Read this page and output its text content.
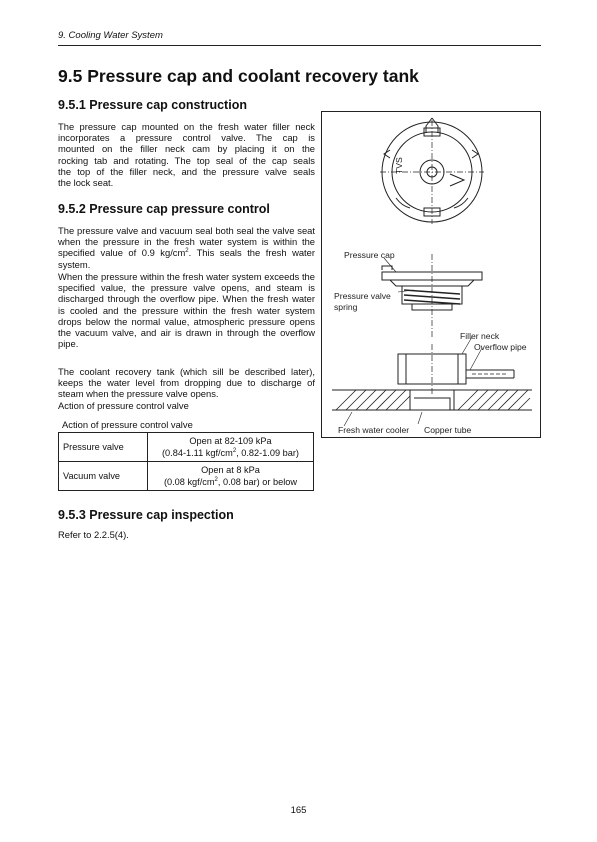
9. Cooling Water System
9.5 Pressure cap and coolant recovery tank
9.5.1 Pressure cap construction
The pressure cap mounted on the fresh water filler neck
incorporates a pressure control valve. The cap is
mounted on the filler neck cam by placing it on the
rocking tab and rotating. The top seal of the cap seals
the top of the filler neck, and the pressure valve seals
the lock seat.
9.5.2 Pressure cap pressure control
The pressure valve and vacuum seal both seal the valve seat when the pressure in the fresh water system is within the specified value of 0.9 $kg/cm^2$. This seals the fresh water system.
When the pressure within the fresh water system exceeds the specified value, the pressure valve opens, and steam is discharged through the overflow pipe. When the fresh water is cooled and the pressure within the fresh water system drops below the normal value, atmospheric pressure opens the vacuum valve, and air is drawn in through the overflow pipe.
The coolant recovery tank (which sill be described later), keeps the water level from dropping due to discharge of steam when the pressure valve opens.
Action of pressure control valve
Action of pressure control valve
Pressure valve	Open at 82-109 kPa
(0.84-1.11 kgf/$cm^2$, 0.82-1.09 bar)

Vacuum valve	Open at 8 kPa
(0.08 kgf/$cm^2$, 0.08 bar) or below
9.5.3 Pressure cap inspection
Refer to 2.2.5(4).
TVS
Pressure cap
Pressure valve
spring
Filler neck
Overflow pipe
Fresh water cooler Copper tube
165
